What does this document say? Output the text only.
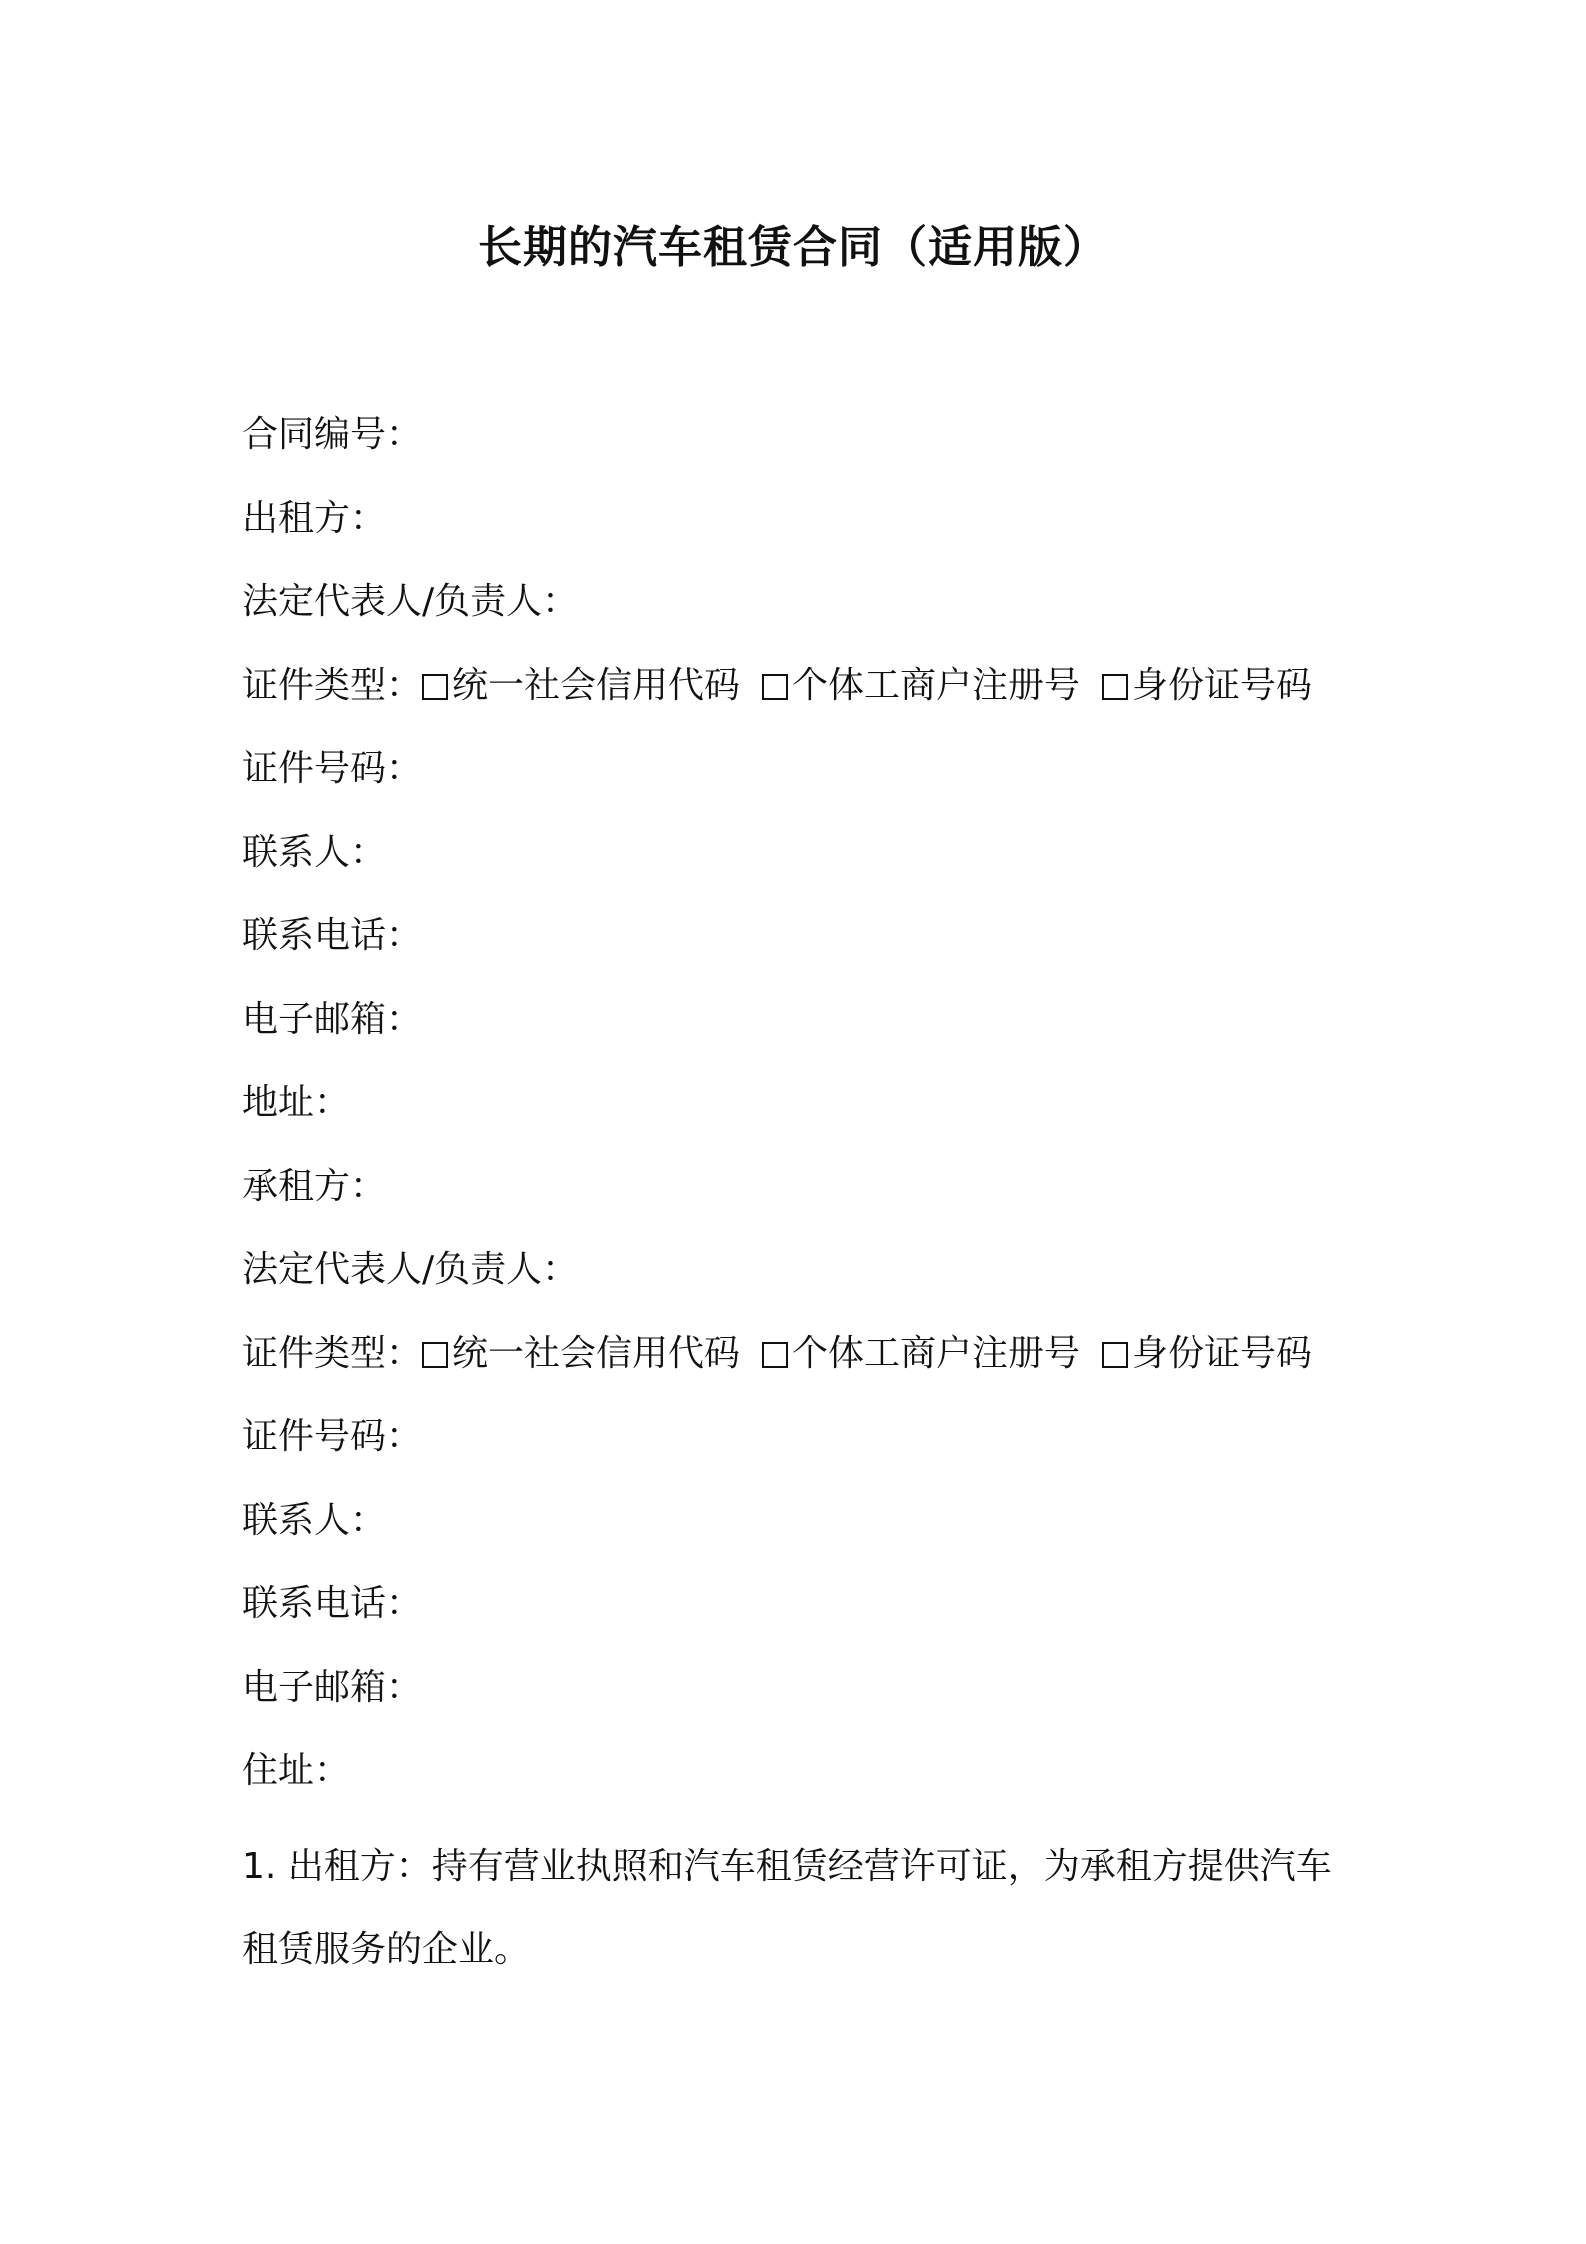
长期的汽车租赁合同（适用版）
合同编号：
出租方：
法定代表人/负责人：
证件类型： 统一社会信用代码 个体工商户注册号 身份证号码
证件号码：
联系人：
联系电话：
电子邮箱：
地址：
承租方：
法定代表人/负责人：
证件类型： 统一社会信用代码 个体工商户注册号 身份证号码
证件号码：
联系人：
联系电话：
电子邮箱：
住址：
1. 出租方：持有营业执照和汽车租赁经营许可证，为承租方提供汽车租赁服务的企业。
